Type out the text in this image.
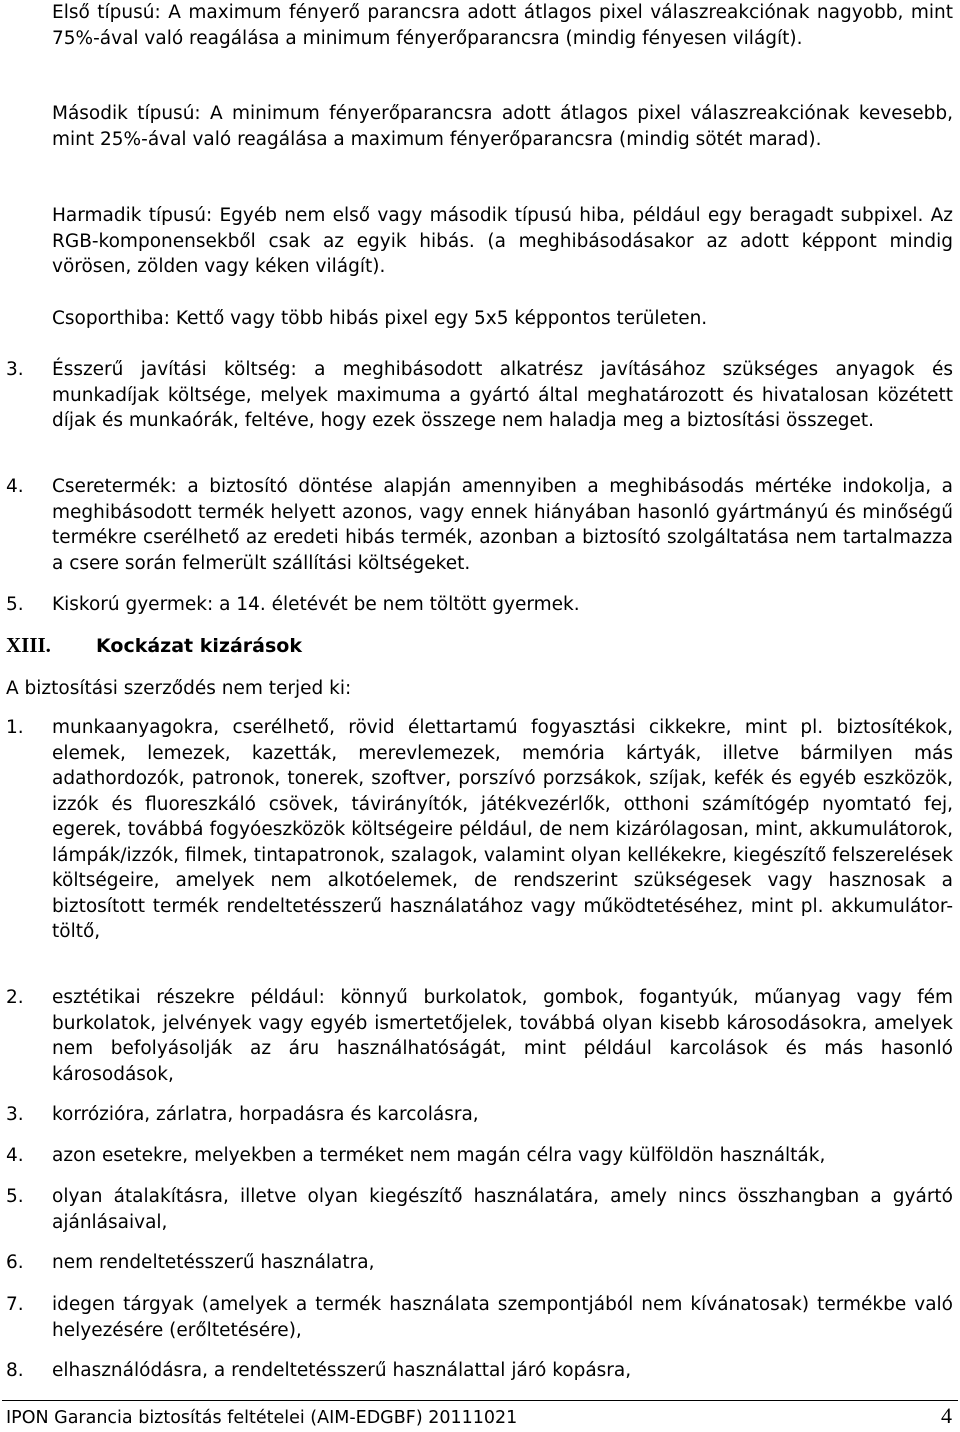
Első típusú: A maximum fényerő parancsra adott átlagos pixel válaszreakciónak nagyobb, mint 75%-ával való reagálása a minimum fényerőparancsra (mindig fényesen világít).

Második típusú: A minimum fényerőparancsra adott átlagos pixel válaszreakciónak kevesebb, mint 25%-ával való reagálása a maximum fényerőparancsra (mindig sötét marad).

Harmadik típusú: Egyéb nem első vagy második típusú hiba, például egy beragadt subpixel. Az RGB-komponensekből csak az egyik hibás. (a meghibásodásakor az adott képpont mindig vörösen, zölden vagy kéken világít).

Csoporthiba: Kettő vagy több hibás pixel egy 5x5 képpontos területen.

3.	Ésszerű javítási költség: a meghibásodott alkatrész javításához szükséges anyagok és munkadíjak költsége, melyek maximuma a gyártó által meghatározott és hivatalosan közétett díjak és munkaórák, feltéve, hogy ezek összege nem haladja meg a biztosítási összeget.
4.	Cseretermék: a biztosító döntése alapján amennyiben a meghibásodás mértéke indokolja, a meghibásodott termék helyett azonos, vagy ennek hiányában hasonló gyártmányú és minőségű termékre cserélhető az eredeti hibás termék, azonban a biztosító szolgáltatása nem tartalmazza a csere során felmerült szállítási költségeket.
5.	Kiskorú gyermek: a 14. életévét be nem töltött gyermek.
XIII. Kockázat kizárások

A biztosítási szerződés nem terjed ki:

1.	munkaanyagokra, cserélhető, rövid élettartamú fogyasztási cikkekre, mint pl. biztosítékok, elemek, lemezek, kazetták, merevlemezek, memória kártyák, illetve bármilyen más adathordozók, patronok, tonerek, szoftver, porszívó porzsákok, szíjak, kefék és egyéb eszközök, izzók és fluoreszkáló csövek, távirányítók, játékvezérlők, otthoni számítógép nyomtató fej, egerek, továbbá fogyóeszközök költségeire például, de nem kizárólagosan, mint, akkumulátorok, lámpák/izzók, filmek, tintapatronok, szalagok, valamint olyan kellékekre, kiegészítő felszerelések költségeire, amelyek nem alkotóelemek, de rendszerint szükségesek vagy hasznosak a biztosított termék rendeltetésszerű használatához vagy működtetéséhez, mint pl. akkumulátor-töltő,
2.	esztétikai részekre például: könnyű burkolatok, gombok, fogantyúk, műanyag vagy fém burkolatok, jelvények vagy egyéb ismertetőjelek, továbbá olyan kisebb károsodásokra, amelyek nem befolyásolják az áru használhatóságát, mint például karcolások és más hasonló károsodások,
3.	korrózióra, zárlatra, horpadásra és karcolásra,
4.	azon esetekre, melyekben a terméket nem magán célra vagy külföldön használták,
5.	olyan átalakításra, illetve olyan kiegészítő használatára, amely nincs összhangban a gyártó ajánlásaival,
6.	nem rendeltetésszerű használatra,
7.	idegen tárgyak (amelyek a termék használata szempontjából nem kívánatosak) termékbe való helyezésére (erőltetésére),
8.	elhasználódásra, a rendeltetésszerű használattal járó kopásra,
IPON Garancia biztosítás feltételei (AIM-EDGBF) 20111021	4
